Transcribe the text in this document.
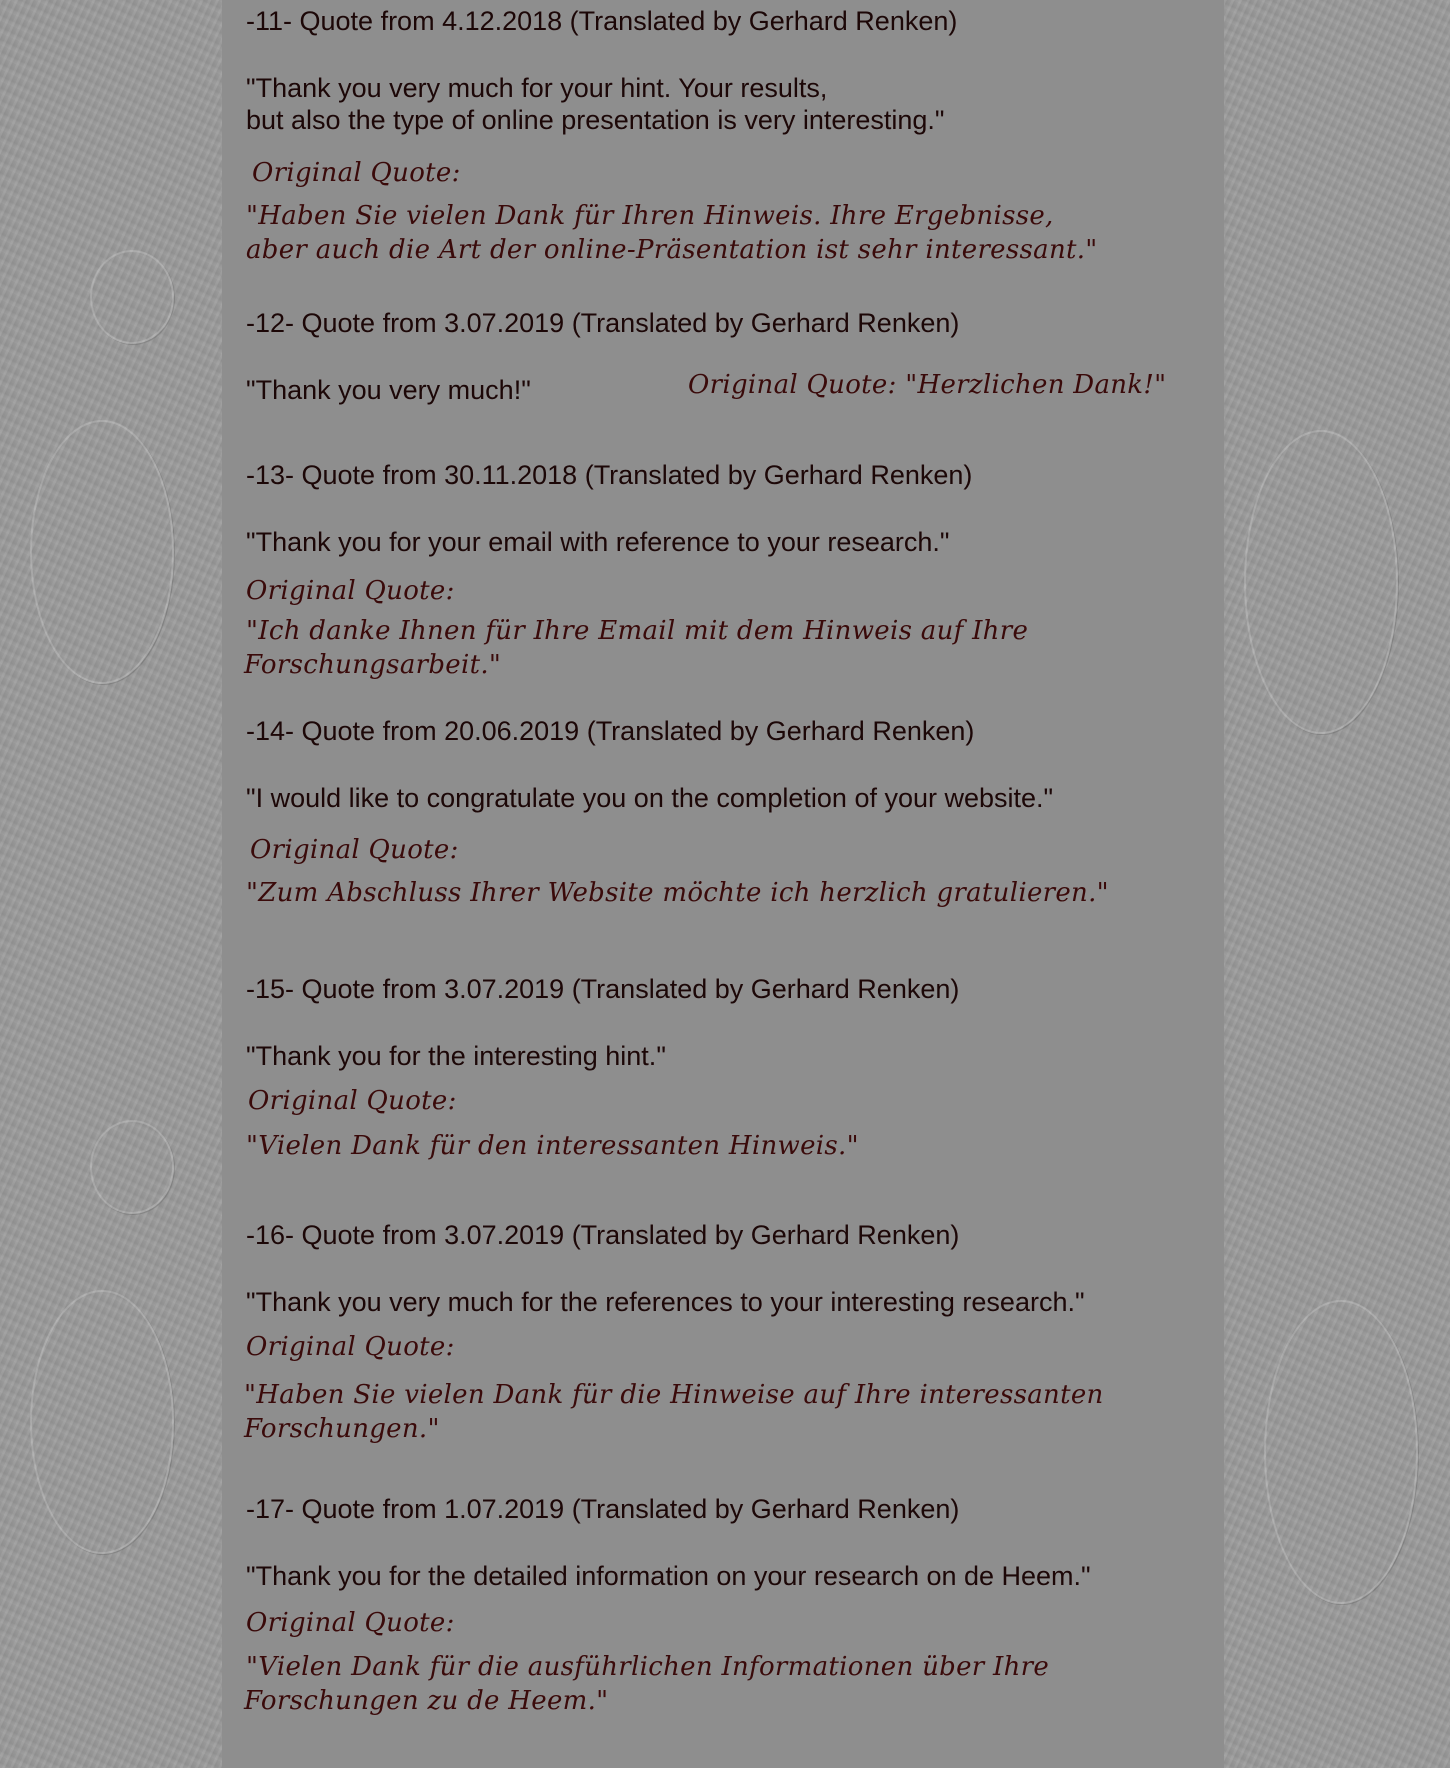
-11- Quote from 4.12.2018 (Translated by Gerhard Renken)

"Thank you very much for your hint. Your results,

but also the type of online presentation is very interesting."

Original Quote:

"Haben Sie vielen Dank für Ihren Hinweis. Ihre Ergebnisse,

aber auch die Art der online-Präsentation ist sehr interessant."

-12- Quote from 3.07.2019 (Translated by Gerhard Renken)

"Thank you very much!"	Original Quote: "Herzlichen Dank!"

-13- Quote from 30.11.2018 (Translated by Gerhard Renken)

"Thank you for your email with reference to your research."

Original Quote:

"Ich danke Ihnen für Ihre Email mit dem Hinweis auf Ihre

Forschungsarbeit."

-14- Quote from 20.06.2019 (Translated by Gerhard Renken)

"I would like to congratulate you on the completion of your website."

Original Quote:

"Zum Abschluss Ihrer Website möchte ich herzlich gratulieren."

-15- Quote from 3.07.2019 (Translated by Gerhard Renken)

"Thank you for the interesting hint."

Original Quote:

"Vielen Dank für den interessanten Hinweis."

-16- Quote from 3.07.2019 (Translated by Gerhard Renken)

"Thank you very much for the references to your interesting research."

Original Quote:

"Haben Sie vielen Dank für die Hinweise auf Ihre interessanten

Forschungen."

-17- Quote from 1.07.2019 (Translated by Gerhard Renken)

"Thank you for the detailed information on your research on de Heem."

Original Quote:

"Vielen Dank für die ausführlichen Informationen über Ihre

Forschungen zu de Heem."
